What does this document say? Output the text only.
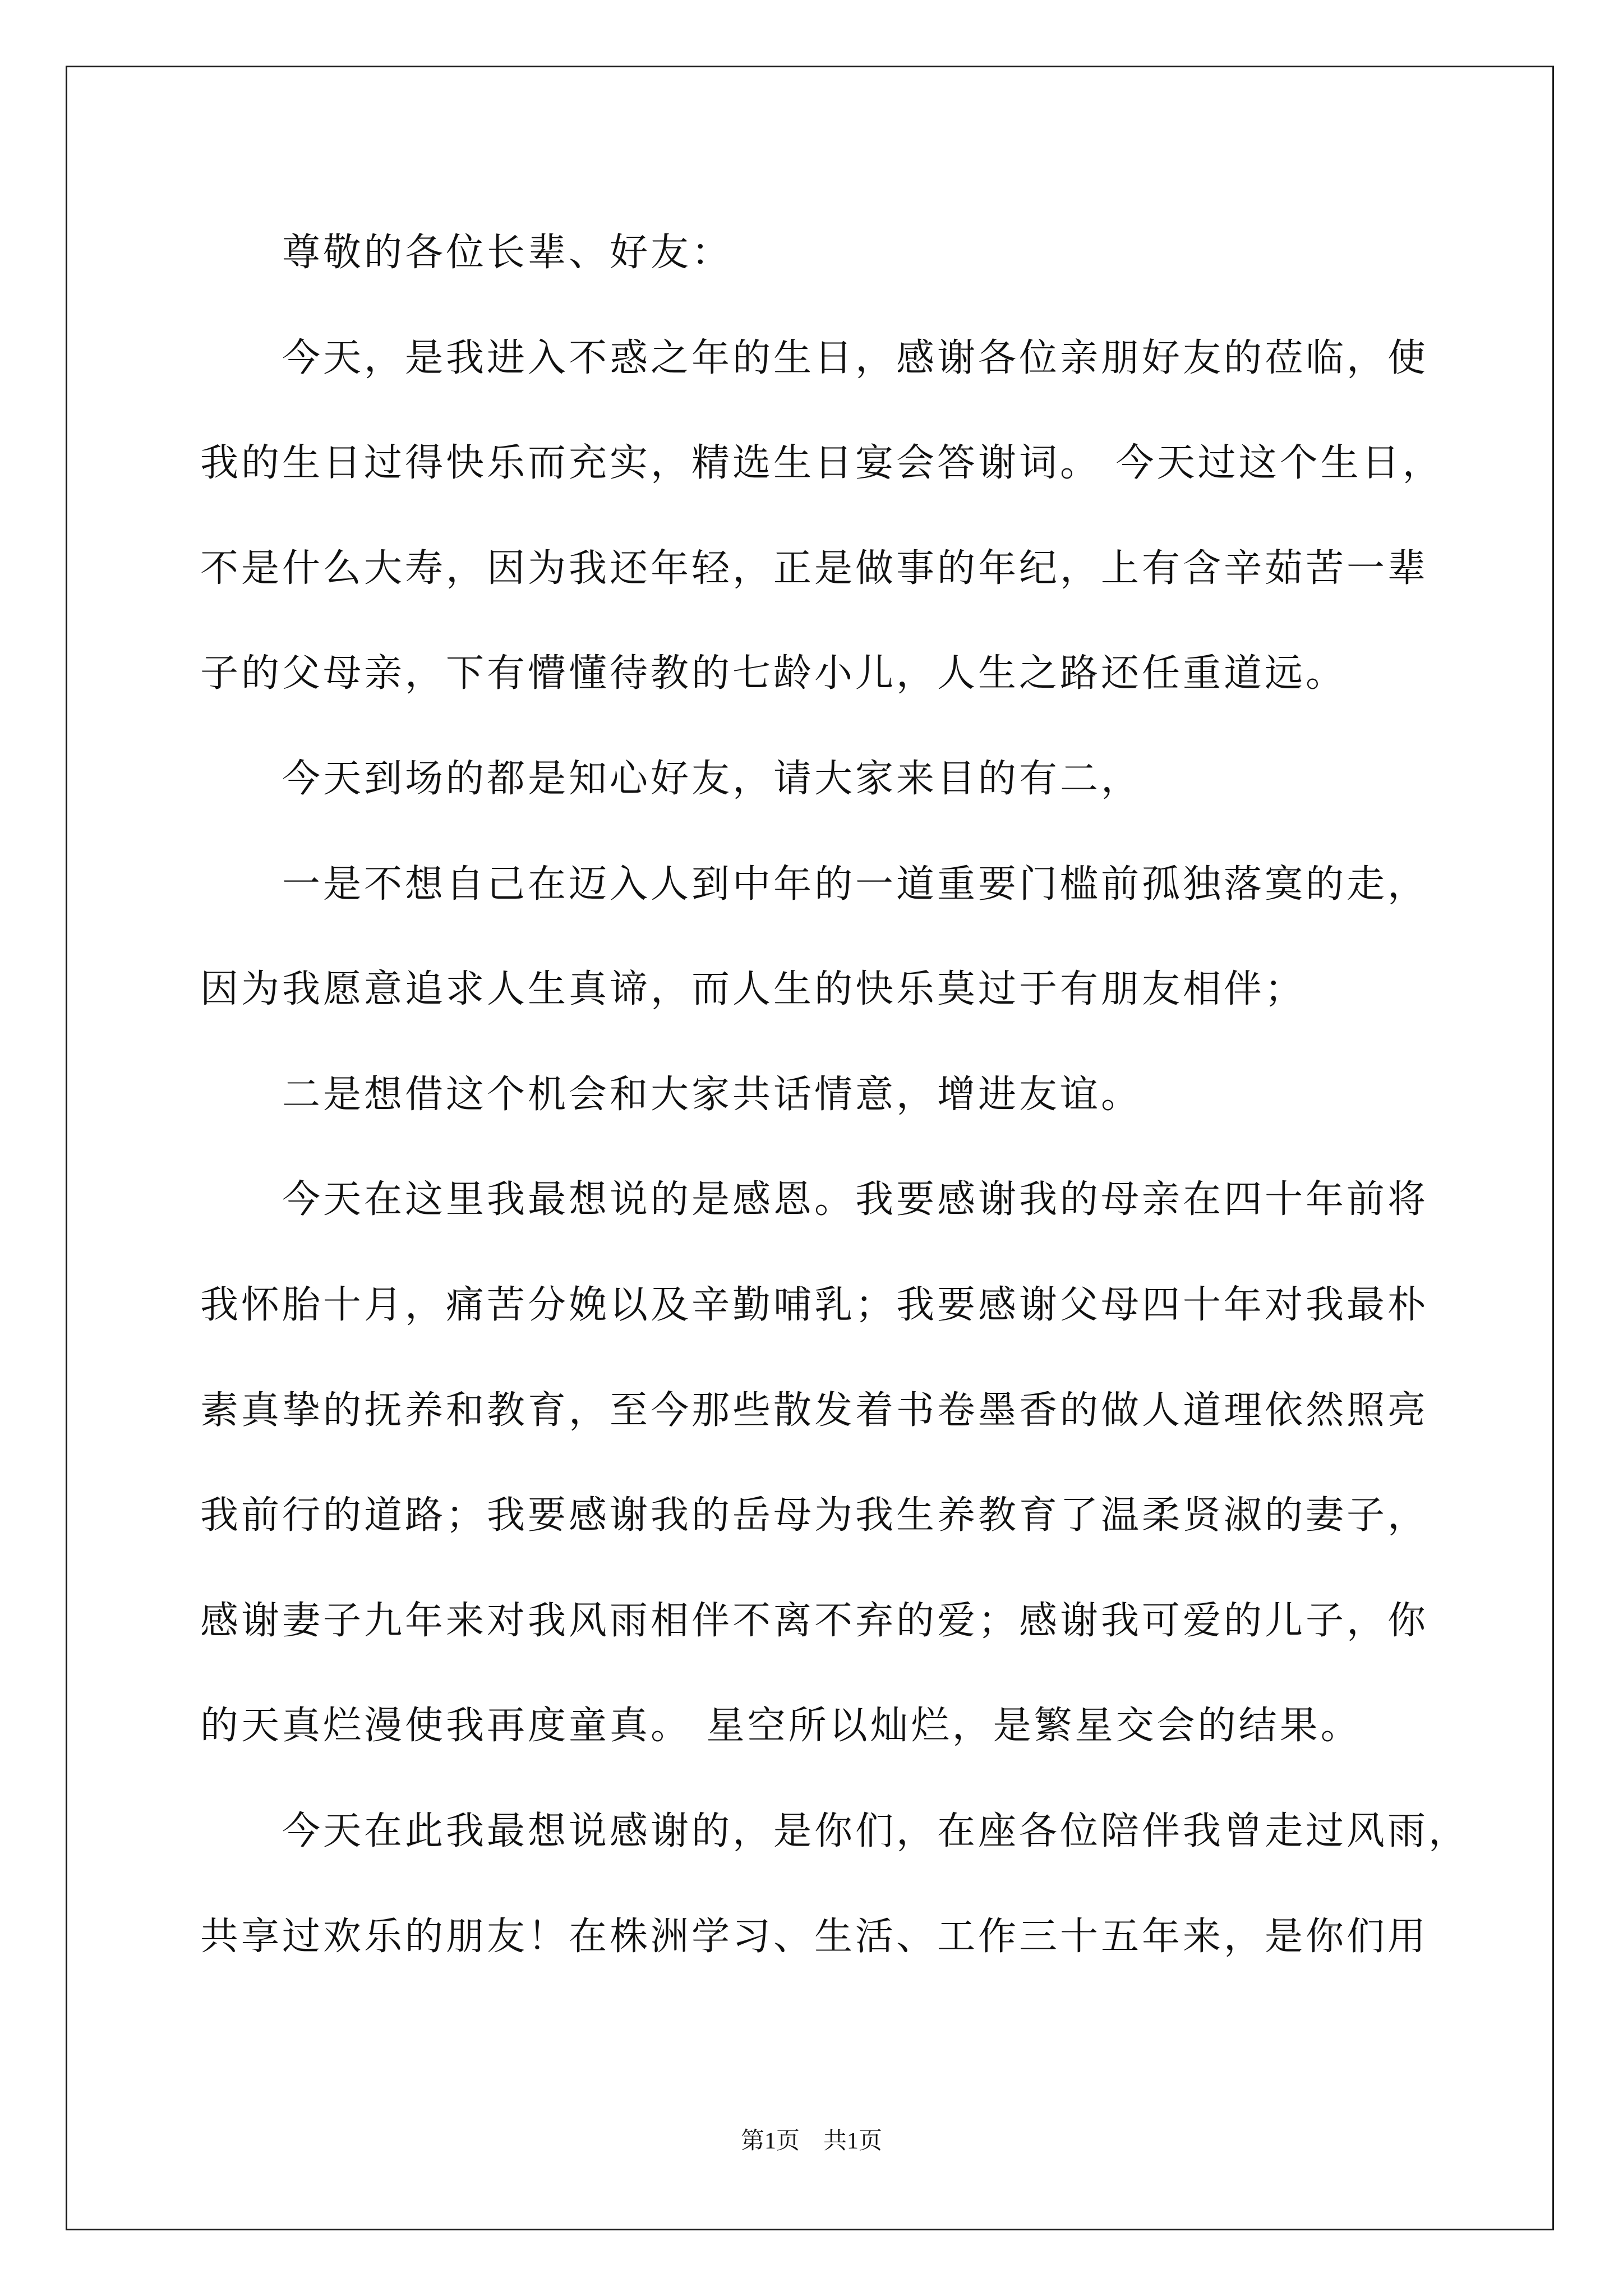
尊敬的各位长辈、好友：
今天，是我进入不惑之年的生日，感谢各位亲朋好友的莅临，使
我的生日过得快乐而充实，精选生日宴会答谢词。 今天过这个生日，
不是什么大寿，因为我还年轻，正是做事的年纪，上有含辛茹苦一辈
子的父母亲，下有懵懂待教的七龄小儿，人生之路还任重道远。
今天到场的都是知心好友，请大家来目的有二，
一是不想自己在迈入人到中年的一道重要门槛前孤独落寞的走，
因为我愿意追求人生真谛，而人生的快乐莫过于有朋友相伴；
二是想借这个机会和大家共话情意，增进友谊。
今天在这里我最想说的是感恩。我要感谢我的母亲在四十年前将
我怀胎十月，痛苦分娩以及辛勤哺乳；我要感谢父母四十年对我最朴
素真挚的抚养和教育，至今那些散发着书卷墨香的做人道理依然照亮
我前行的道路；我要感谢我的岳母为我生养教育了温柔贤淑的妻子，
感谢妻子九年来对我风雨相伴不离不弃的爱；感谢我可爱的儿子，你
的天真烂漫使我再度童真。 星空所以灿烂，是繁星交会的结果。
今天在此我最想说感谢的，是你们，在座各位陪伴我曾走过风雨，
共享过欢乐的朋友！在株洲学习、生活、工作三十五年来，是你们用
第1页　共1页
